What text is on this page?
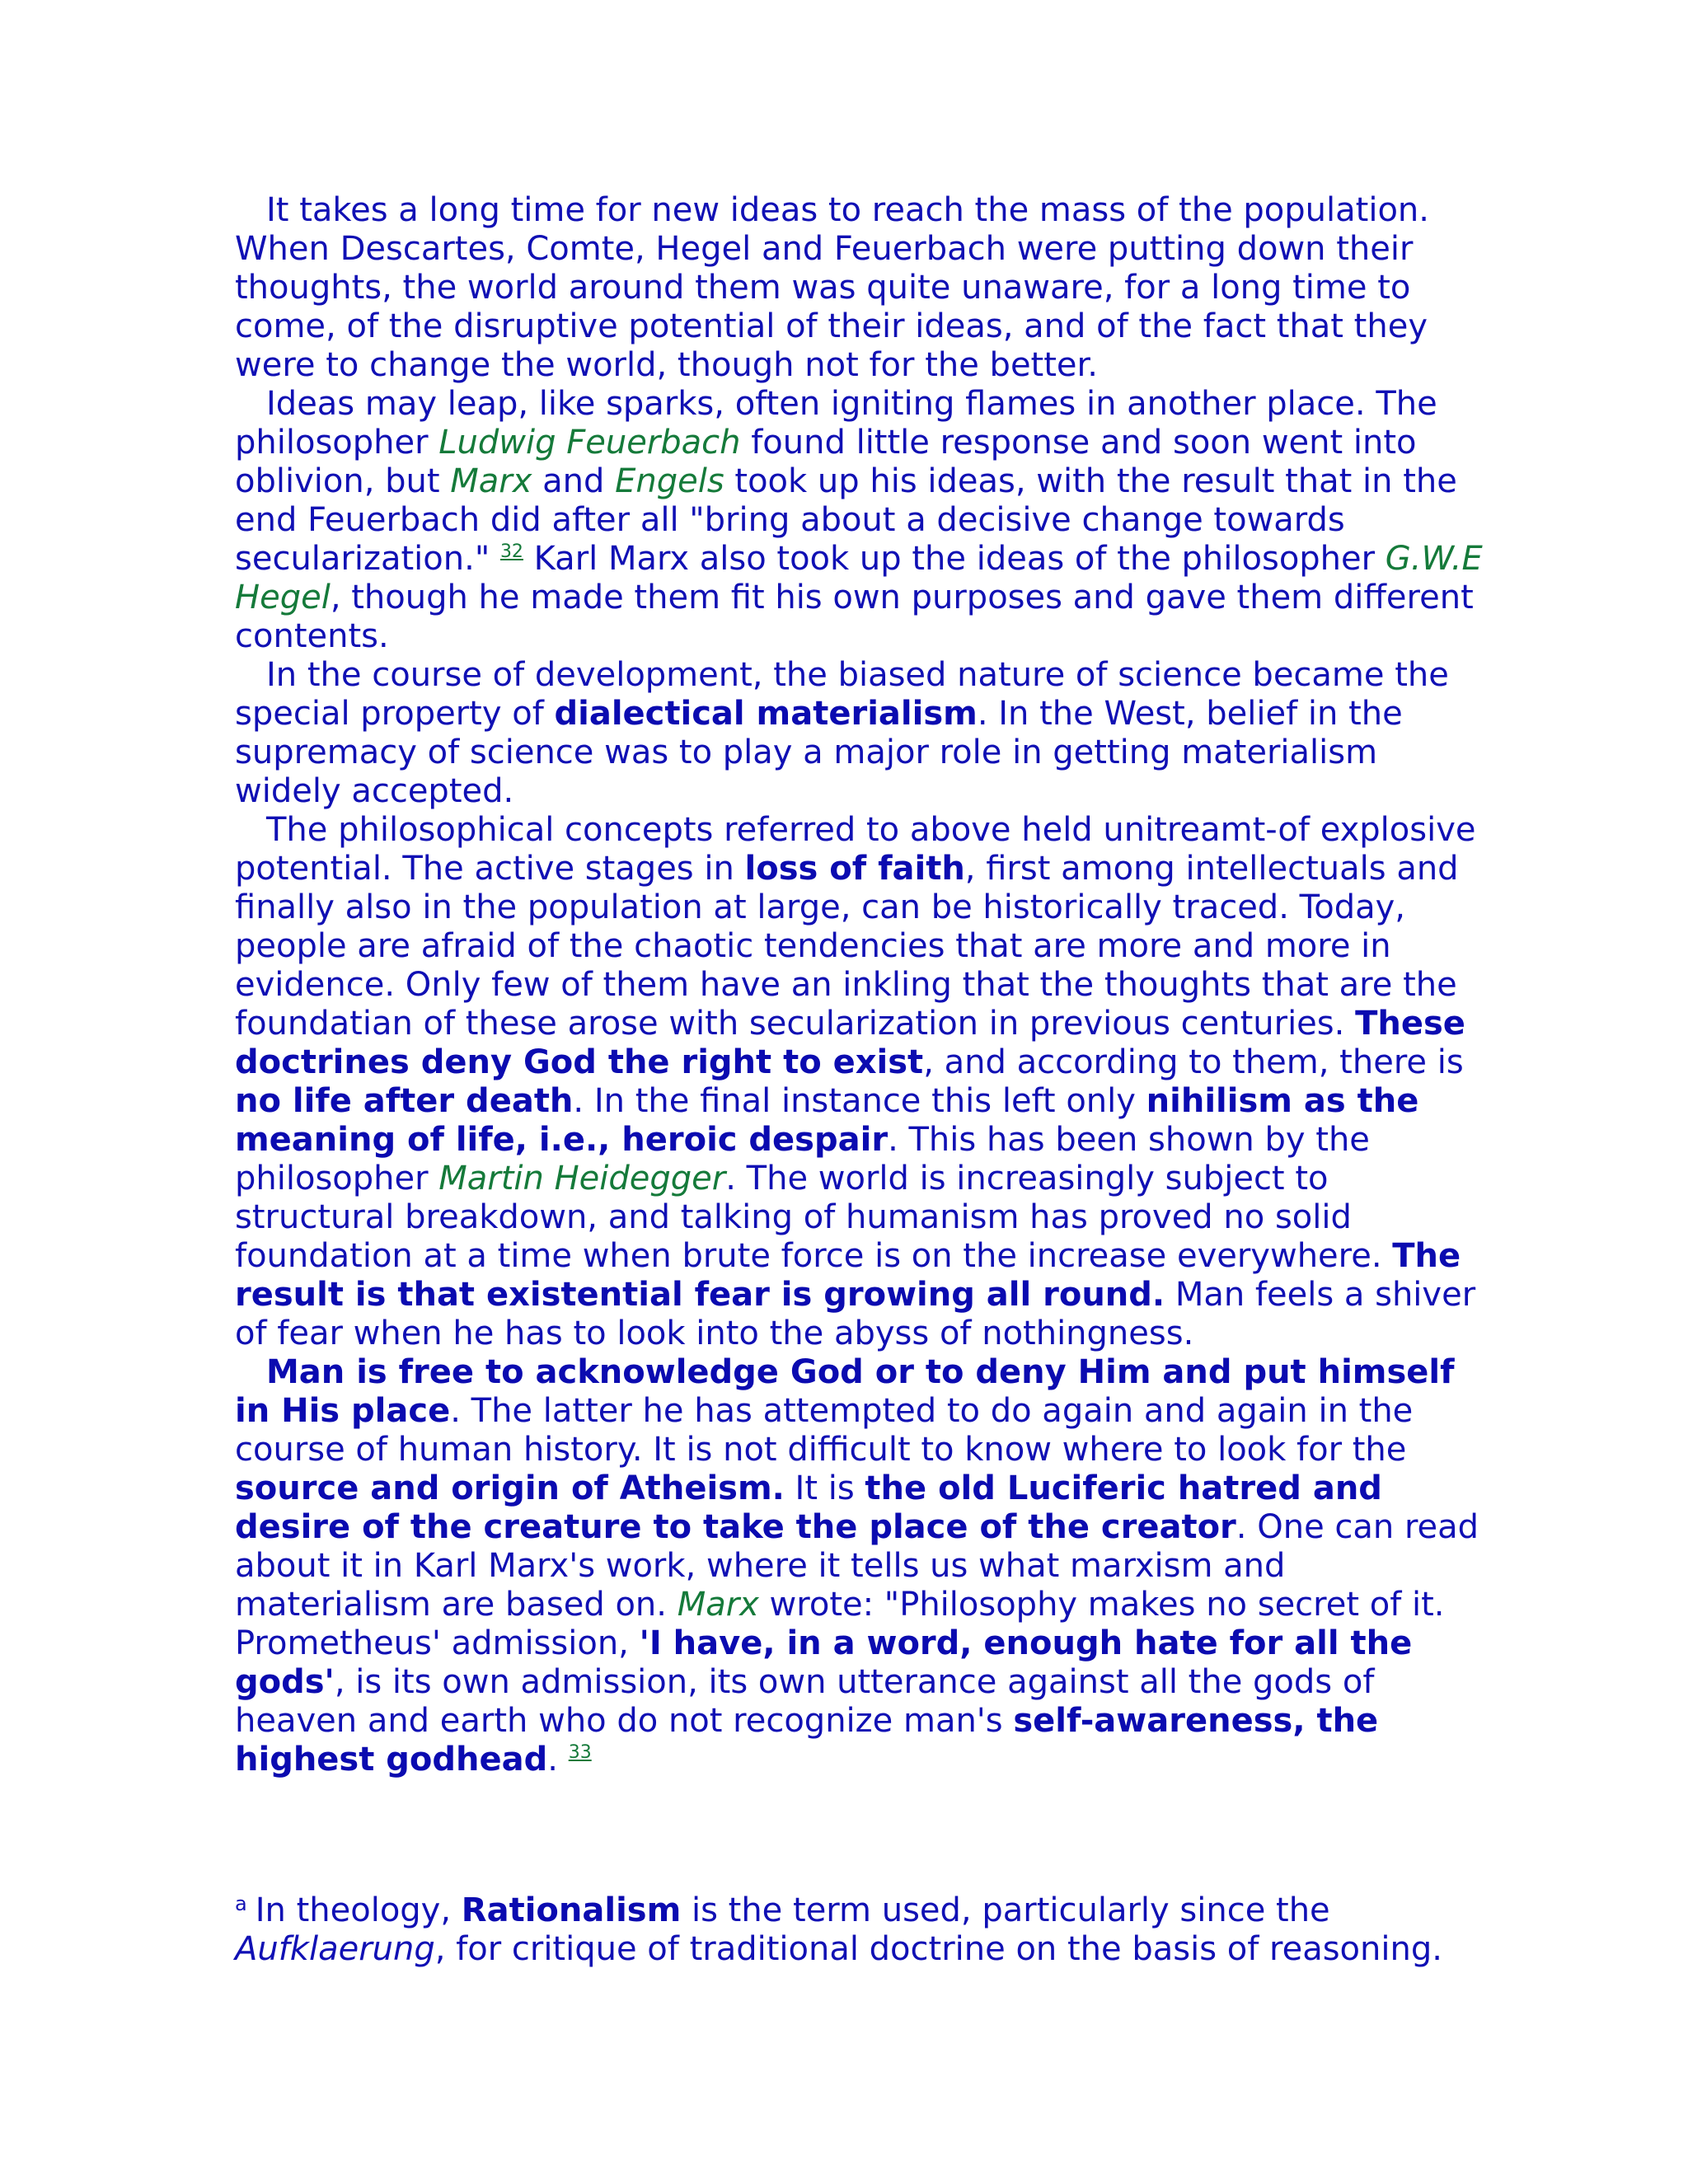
It takes a long time for new ideas to reach the mass of the population. When Descartes, Comte, Hegel and Feuerbach were putting down their thoughts, the world around them was quite unaware, for a long time to come, of the disruptive potential of their ideas, and of the fact that they were to change the world, though not for the better.

Ideas may leap, like sparks, often igniting flames in another place. The philosopher Ludwig Feuerbach found little response and soon went into oblivion, but Marx and Engels took up his ideas, with the result that in the end Feuerbach did after all "bring about a decisive change towards secularization." $^{32}$ Karl Marx also took up the ideas of the philosopher G.W.E Hegel, though he made them fit his own purposes and gave them different contents.

In the course of development, the biased nature of science became the special property of dialectical materialism. In the West, belief in the supremacy of science was to play a major role in getting materialism widely accepted.

The philosophical concepts referred to above held unitreamt-of explosive potential. The active stages in loss of faith, first among intellectuals and finally also in the population at large, can be historically traced. Today, people are afraid of the chaotic tendencies that are more and more in evidence. Only few of them have an inkling that the thoughts that are the foundatian of these arose with secularization in previous centuries. These doctrines deny God the right to exist, and according to them, there is no life after death. In the final instance this left only nihilism as the meaning of life, i.e., heroic despair. This has been shown by the philosopher Martin Heidegger. The world is increasingly subject to structural breakdown, and talking of humanism has proved no solid foundation at a time when brute force is on the increase everywhere. The result is that existential fear is growing all round. Man feels a shiver of fear when he has to look into the abyss of nothingness.

Man is free to acknowledge God or to deny Him and put himself in His place. The latter he has attempted to do again and again in the course of human history. It is not difficult to know where to look for the source and origin of Atheism. It is the old Luciferic hatred and desire of the creature to take the place of the creator. One can read about it in Karl Marx's work, where it tells us what marxism and materialism are based on. Marx wrote: "Philosophy makes no secret of it. Prometheus' admission, 'I have, in a word, enough hate for all the gods', is its own admission, its own utterance against all the gods of heaven and earth who do not recognize man's self-awareness, the highest godhead. $^{33}$

$^a$ In theology, Rationalism is the term used, particularly since the Aufklaerung, for critique of traditional doctrine on the basis of reasoning.
